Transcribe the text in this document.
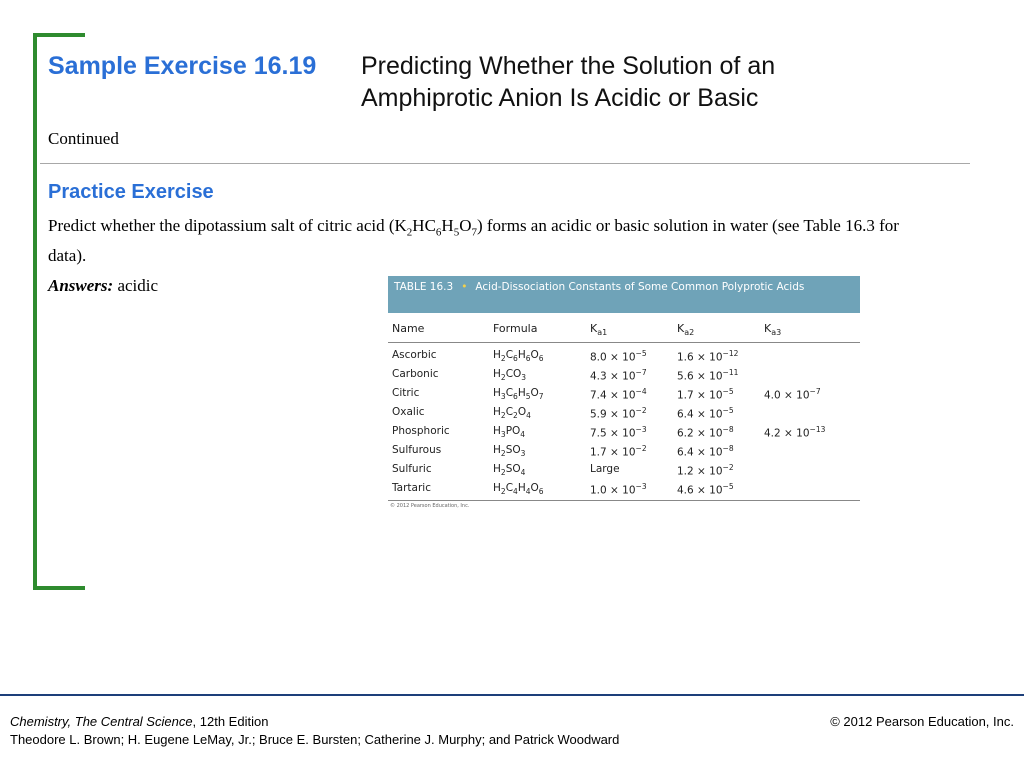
Sample Exercise 16.19 Predicting Whether the Solution of an Amphiprotic Anion Is Acidic or Basic
Continued
Practice Exercise
Predict whether the dipotassium salt of citric acid $(K_2HC_6H_5O_7)$ forms an acidic or basic solution in water (see Table 16.3 for data).
Answers: acidic	TABLE 16.3 • Acid-Dissociation Constants of Some Common Polyprotic Acids
Name	Formula	$K_{a1}$	$K_{a2}$	$K_{a3}$
Ascorbic	$H_2C_6H_6O_6$	$8.0 \times 10^{-5}$	$1.6 \times 10^{-12}$
Carbonic	$H_2CO_3$	$4.3 \times 10^{-7}$	$5.6 \times 10^{-11}$
Citric	$H_3C_6H_5O_7$	$7.4 \times 10^{-4}$	$1.7 \times 10^{-5}$	$4.0 \times 10^{-7}$
Oxalic	$H_2C_2O_4$	$5.9 \times 10^{-2}$	$6.4 \times 10^{-5}$
Phosphoric	$H_3PO_4$	$7.5 \times 10^{-3}$	$6.2 \times 10^{-8}$	$4.2 \times 10^{-13}$
Sulfurous	$H_2SO_3$	$1.7 \times 10^{-2}$	$6.4 \times 10^{-8}$
Sulfuric	$H_2SO_4$	Large	$1.2 \times 10^{-2}$
Tartaric	$H_2C_4H_4O_6$	$1.0 \times 10^{-3}$	$4.6 \times 10^{-5}$
© 2012 Pearson Education, Inc.
Chemistry, The Central Science, 12th Edition
Theodore L. Brown; H. Eugene LeMay, Jr.; Bruce E. Bursten; Catherine J. Murphy; and Patrick Woodward
© 2012 Pearson Education, Inc.
